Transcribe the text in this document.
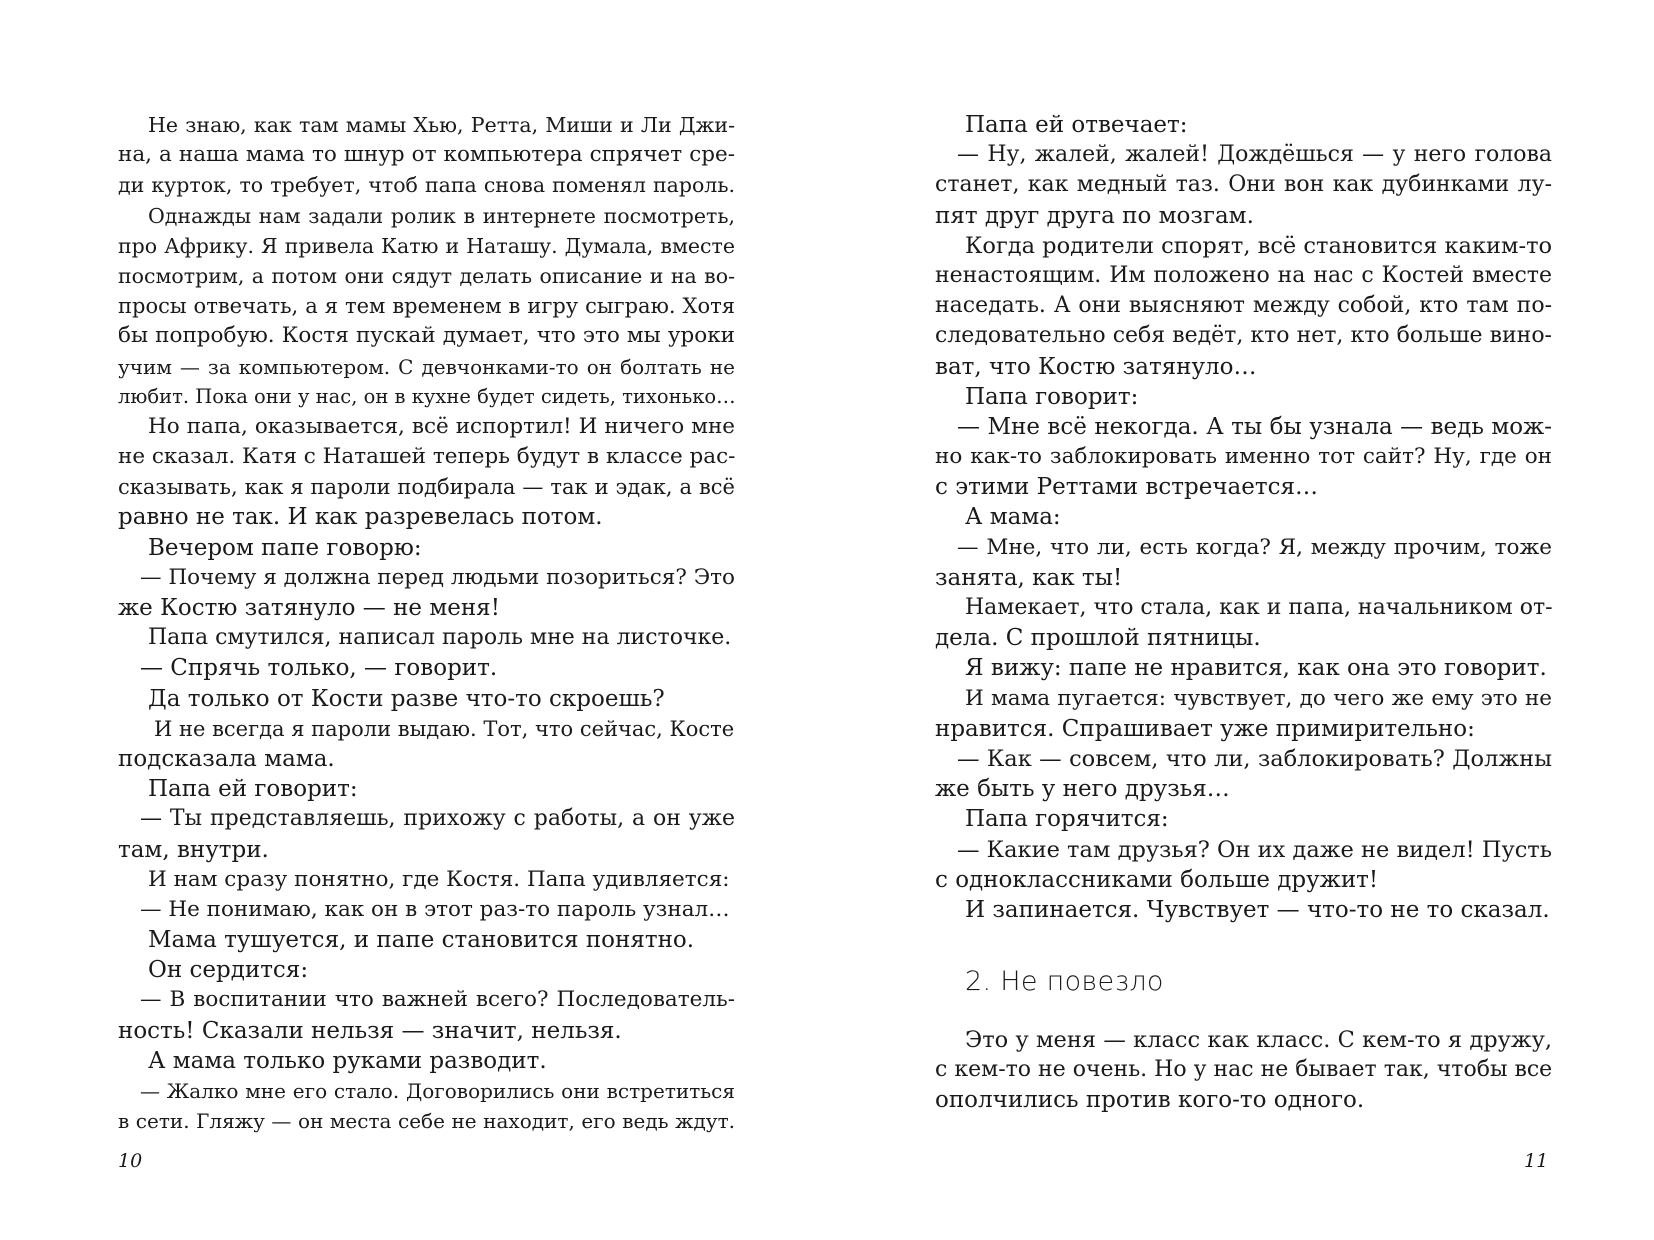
Не знаю, как там мамы Хью, Ретта, Миши и Ли Джи-
на, а наша мама то шнур от компьютера спрячет сре-
ди курток, то требует, чтоб папа снова поменял пароль.
Однажды нам задали ролик в интернете посмотреть,
про Африку. Я привела Катю и Наташу. Думала, вместе
посмотрим, а потом они сядут делать описание и на во-
просы отвечать, а я тем временем в игру сыграю. Хотя
бы попробую. Костя пускай думает, что это мы уроки
учим — за компьютером. С девчонками-то он болтать не
любит. Пока они у нас, он в кухне будет сидеть, тихонько…
Но папа, оказывается, всё испортил! И ничего мне
не сказал. Катя с Наташей теперь будут в классе рас-
сказывать, как я пароли подбирала — так и эдак, а всё
равно не так. И как разревелась потом.
Вечером папе говорю:
— Почему я должна перед людьми позориться? Это
же Костю затянуло — не меня!
Папа смутился, написал пароль мне на листочке.
— Спрячь только, — говорит.
Да только от Кости разве что-то скроешь?
И не всегда я пароли выдаю. Тот, что сейчас, Косте
подсказала мама.
Папа ей говорит:
— Ты представляешь, прихожу с работы, а он уже
там, внутри.
И нам сразу понятно, где Костя. Папа удивляется:
— Не понимаю, как он в этот раз-то пароль узнал…
Мама тушуется, и папе становится понятно.
Он сердится:
— В воспитании что важней всего? Последователь-
ность! Сказали нельзя — значит, нельзя.
А мама только руками разводит.
— Жалко мне его стало. Договорились они встретиться
в сети. Гляжу — он места себе не находит, его ведь ждут.
10
Папа ей отвечает:
— Ну, жалей, жалей! Дождёшься — у него голова
станет, как медный таз. Они вон как дубинками лу-
пят друг друга по мозгам.
Когда родители спорят, всё становится каким-то
ненастоящим. Им положено на нас с Костей вместе
наседать. А они выясняют между собой, кто там по-
следовательно себя ведёт, кто нет, кто больше вино-
ват, что Костю затянуло…
Папа говорит:
— Мне всё некогда. А ты бы узнала — ведь мож-
но как-то заблокировать именно тот сайт? Ну, где он
с этими Реттами встречается…
А мама:
— Мне, что ли, есть когда? Я, между прочим, тоже
занята, как ты!
Намекает, что стала, как и папа, начальником от-
дела. С прошлой пятницы.
Я вижу: папе не нравится, как она это говорит.
И мама пугается: чувствует, до чего же ему это не
нравится. Спрашивает уже примирительно:
— Как — совсем, что ли, заблокировать? Должны
же быть у него друзья…
Папа горячится:
— Какие там друзья? Он их даже не видел! Пусть
с одноклассниками больше дружит!
И запинается. Чувствует — что-то не то сказал.
2. Не повезло
Это у меня — класс как класс. С кем-то я дружу,
с кем-то не очень. Но у нас не бывает так, чтобы все
ополчились против кого-то одного.
11
